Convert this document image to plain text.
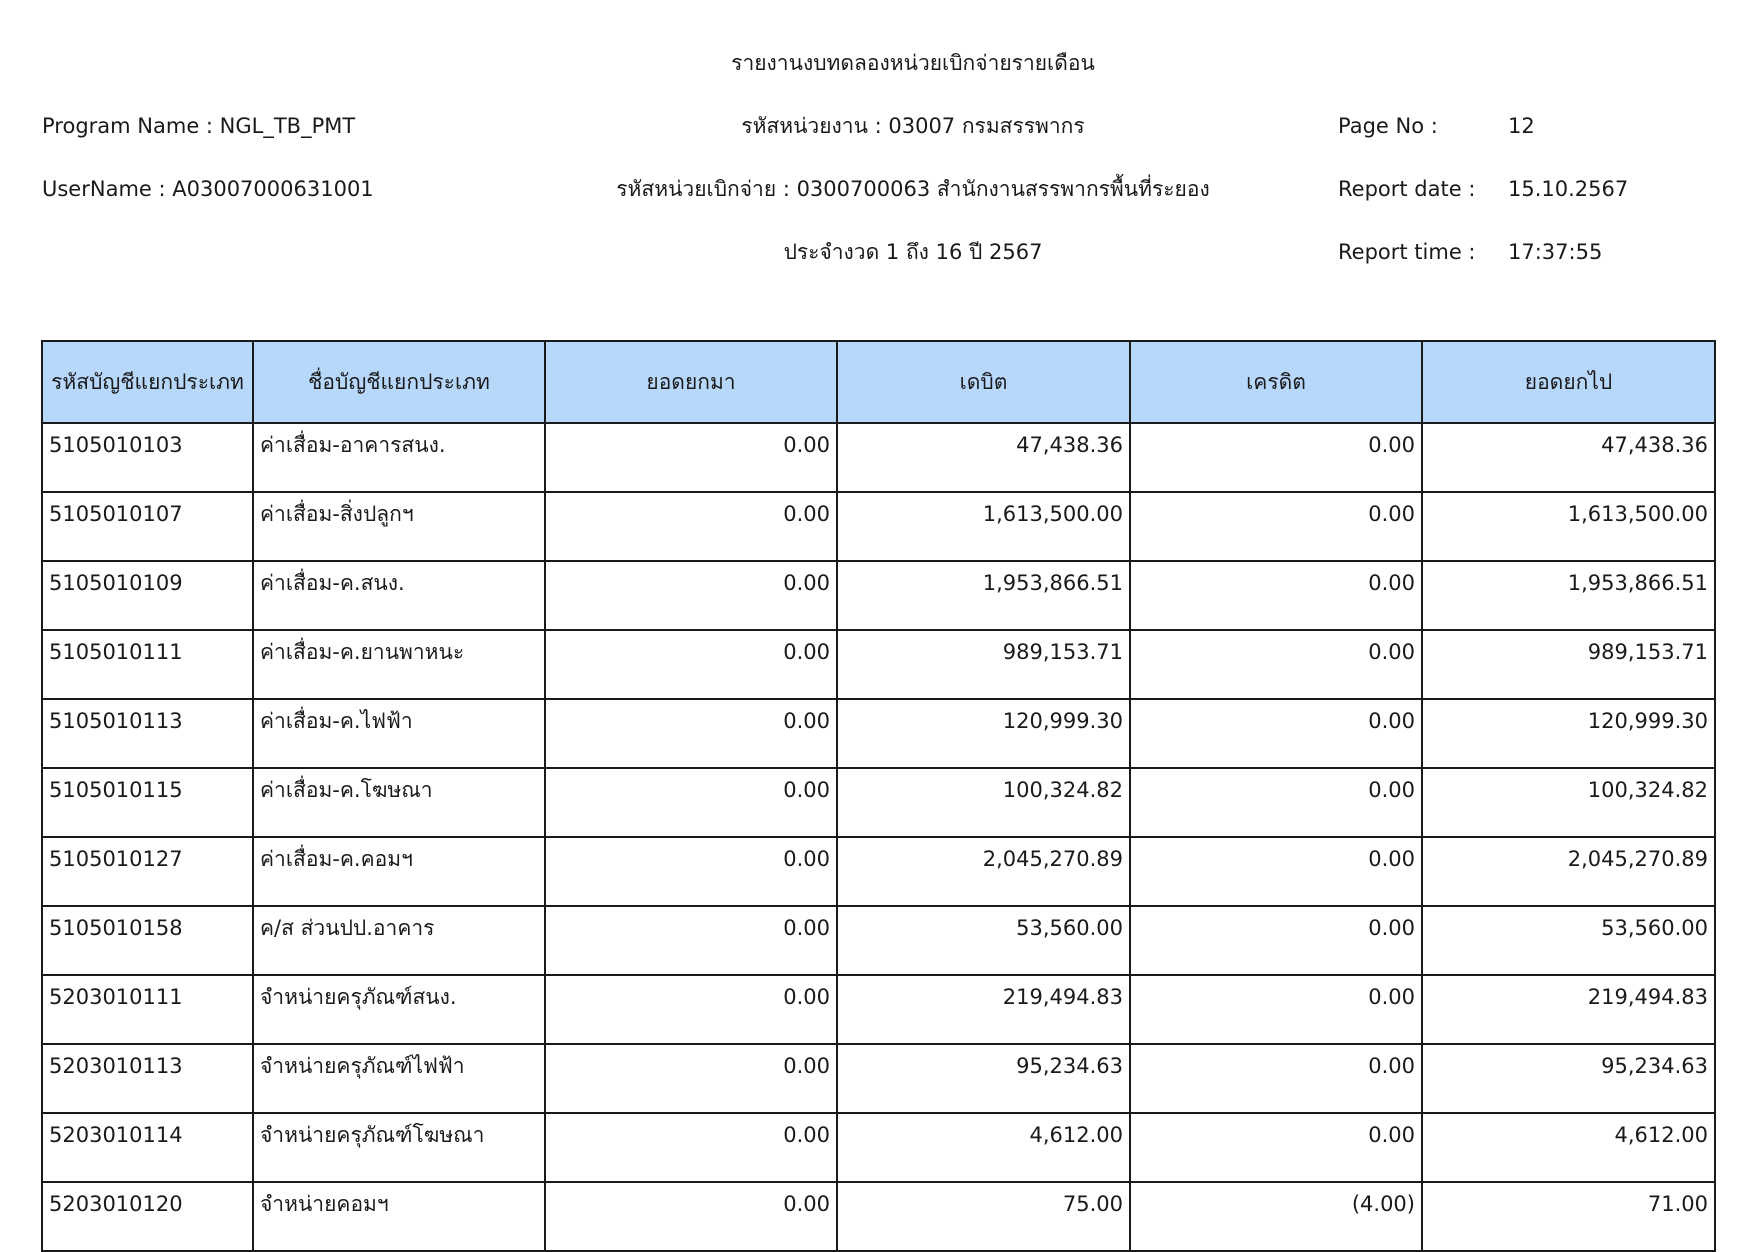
รายงานงบทดลองหน่วยเบิกจ่ายรายเดือน
Program Name : NGL_TB_PMT	รหัสหน่วยงาน : 03007 กรมสรรพากร	Page No :	12
UserName : A03007000631001	รหัสหน่วยเบิกจ่าย : 0300700063 สำนักงานสรรพากรพื้นที่ระยอง	Report date : 15.10.2567
ประจำงวด 1 ถึง 16 ปี 2567	Report time : 17:37:55
รหัสบัญชีแยกประเภท	ชื่อบัญชีแยกประเภท	ยอดยกมา	เดบิต	เครดิต	ยอดยกไป
5105010103	ค่าเสื่อม-อาคารสนง.	0.00	47,438.36	0.00	47,438.36
5105010107	ค่าเสื่อม-สิ่งปลูกฯ	0.00	1,613,500.00	0.00	1,613,500.00
5105010109	ค่าเสื่อม-ค.สนง.	0.00	1,953,866.51	0.00	1,953,866.51
5105010111	ค่าเสื่อม-ค.ยานพาหนะ	0.00	989,153.71	0.00	989,153.71
5105010113	ค่าเสื่อม-ค.ไฟฟ้า	0.00	120,999.30	0.00	120,999.30
5105010115	ค่าเสื่อม-ค.โฆษณา	0.00	100,324.82	0.00	100,324.82
5105010127	ค่าเสื่อม-ค.คอมฯ	0.00	2,045,270.89	0.00	2,045,270.89
5105010158	ค/ส ส่วนปป.อาคาร	0.00	53,560.00	0.00	53,560.00
5203010111	จำหน่ายครุภัณฑ์สนง.	0.00	219,494.83	0.00	219,494.83
5203010113	จำหน่ายครุภัณฑ์ไฟฟ้า	0.00	95,234.63	0.00	95,234.63
5203010114	จำหน่ายครุภัณฑ์โฆษณา	0.00	4,612.00	0.00	4,612.00
5203010120	จำหน่ายคอมฯ	0.00	75.00	(4.00)	71.00
